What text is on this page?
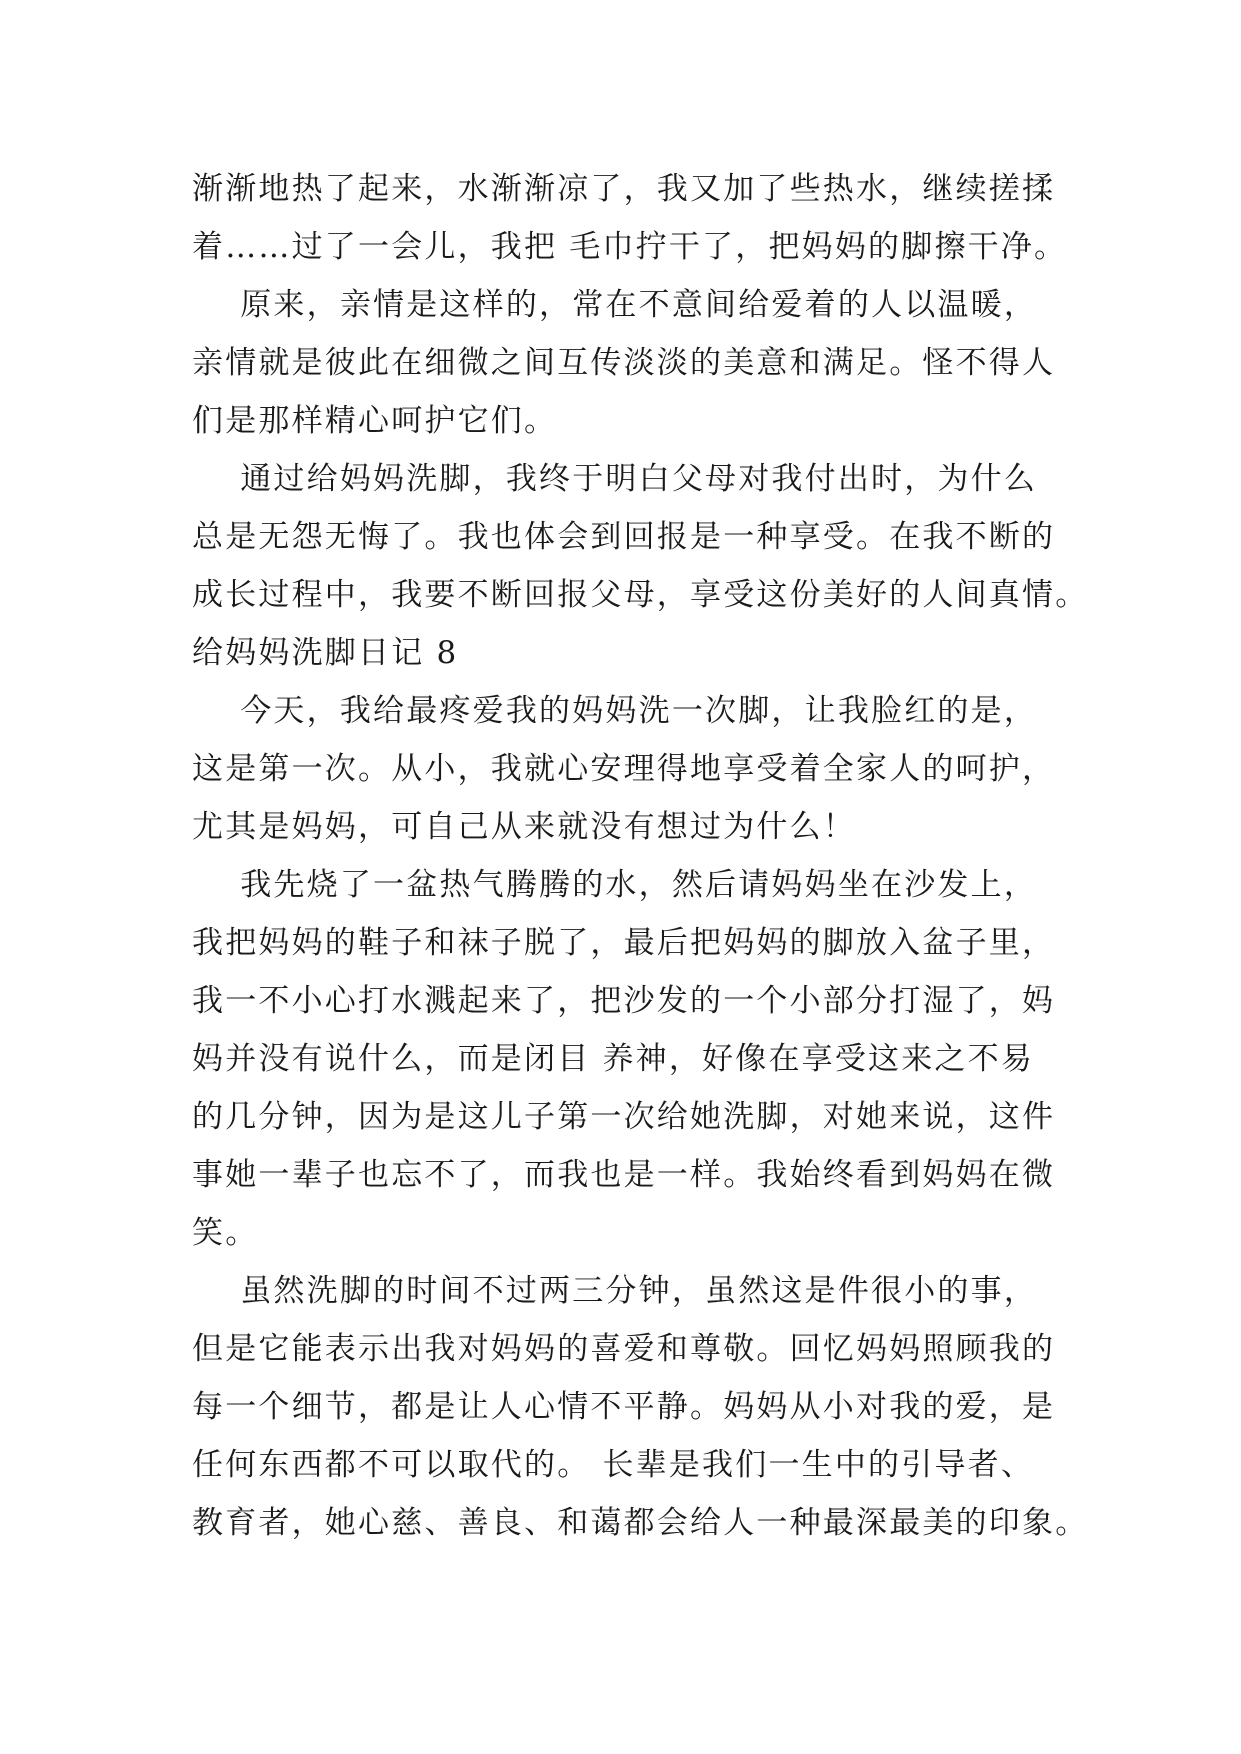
渐渐地热了起来，水渐渐凉了，我又加了些热水，继续搓揉
着……过了一会儿，我把 毛巾拧干了，把妈妈的脚擦干净。
原来，亲情是这样的，常在不意间给爱着的人以温暖，
亲情就是彼此在细微之间互传淡淡的美意和满足。怪不得人
们是那样精心呵护它们。
通过给妈妈洗脚，我终于明白父母对我付出时，为什么
总是无怨无悔了。我也体会到回报是一种享受。在我不断的
成长过程中，我要不断回报父母，享受这份美好的人间真情。
给妈妈洗脚日记 8
今天，我给最疼爱我的妈妈洗一次脚，让我脸红的是，
这是第一次。从小，我就心安理得地享受着全家人的呵护，
尤其是妈妈，可自己从来就没有想过为什么！
我先烧了一盆热气腾腾的水，然后请妈妈坐在沙发上，
我把妈妈的鞋子和袜子脱了，最后把妈妈的脚放入盆子里，
我一不小心打水溅起来了，把沙发的一个小部分打湿了，妈
妈并没有说什么，而是闭目 养神，好像在享受这来之不易
的几分钟，因为是这儿子第一次给她洗脚，对她来说，这件
事她一辈子也忘不了，而我也是一样。我始终看到妈妈在微
笑。
虽然洗脚的时间不过两三分钟，虽然这是件很小的事，
但是它能表示出我对妈妈的喜爱和尊敬。回忆妈妈照顾我的
每一个细节，都是让人心情不平静。妈妈从小对我的爱，是
任何东西都不可以取代的。 长辈是我们一生中的引导者、
教育者，她心慈、善良、和蔼都会给人一种最深最美的印象。
